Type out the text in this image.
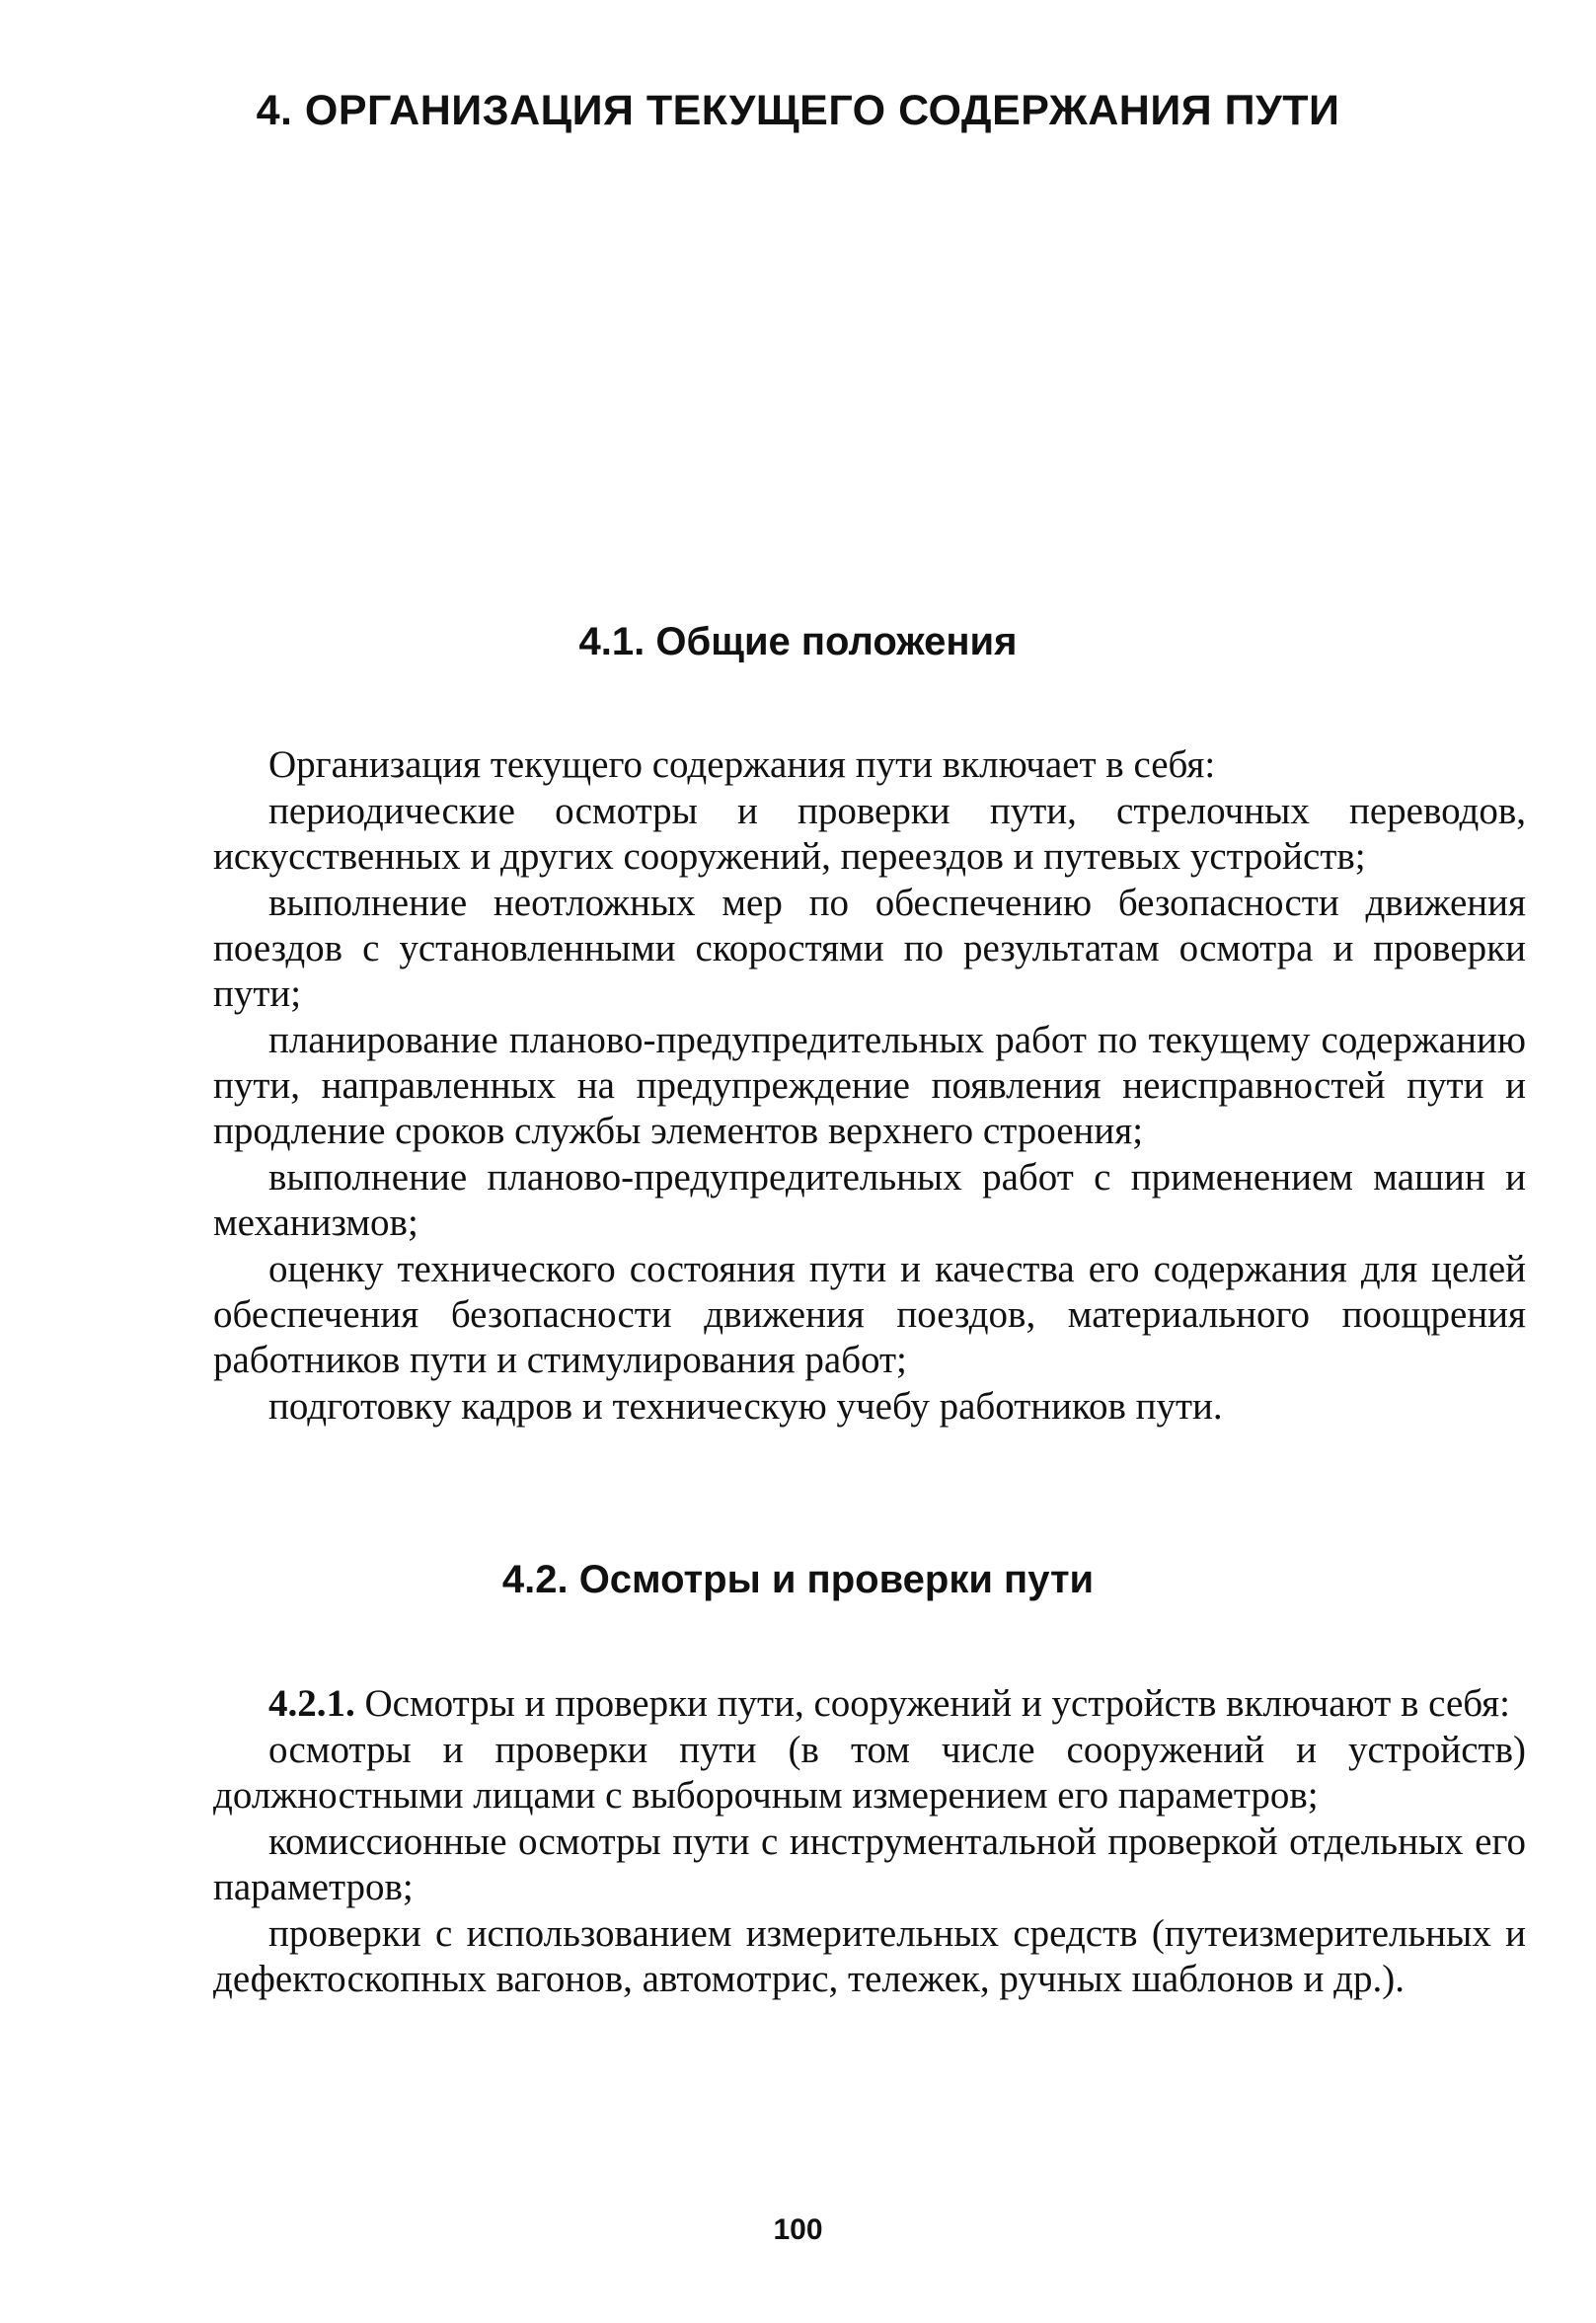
4. ОРГАНИЗАЦИЯ ТЕКУЩЕГО СОДЕРЖАНИЯ ПУТИ
4.1. Общие положения

Организация текущего содержания пути включает в себя:

периодические осмотры и проверки пути, стрелочных переводов, искусственных и других сооружений, переездов и путевых устройств;

выполнение неотложных мер по обеспечению безопасности движения поездов с установленными скоростями по результатам осмотра и проверки пути;

планирование планово-предупредительных работ по текущему содержанию пути, направленных на предупреждение появления неисправностей пути и продление сроков службы элементов верхнего строения;

выполнение планово-предупредительных работ с применением машин и механизмов;

оценку технического состояния пути и качества его содержания для целей обеспечения безопасности движения поездов, материального поощрения работников пути и стимулирования работ;

подготовку кадров и техническую учебу работников пути.

4.2. Осмотры и проверки пути

4.2.1. Осмотры и проверки пути, сооружений и устройств включают в себя:

осмотры и проверки пути (в том числе сооружений и устройств) должностными лицами с выборочным измерением его параметров;

комиссионные осмотры пути с инструментальной проверкой отдельных его параметров;

проверки с использованием измерительных средств (путеизмерительных и дефектоскопных вагонов, автомотрис, тележек, ручных шаблонов и др.).

100
